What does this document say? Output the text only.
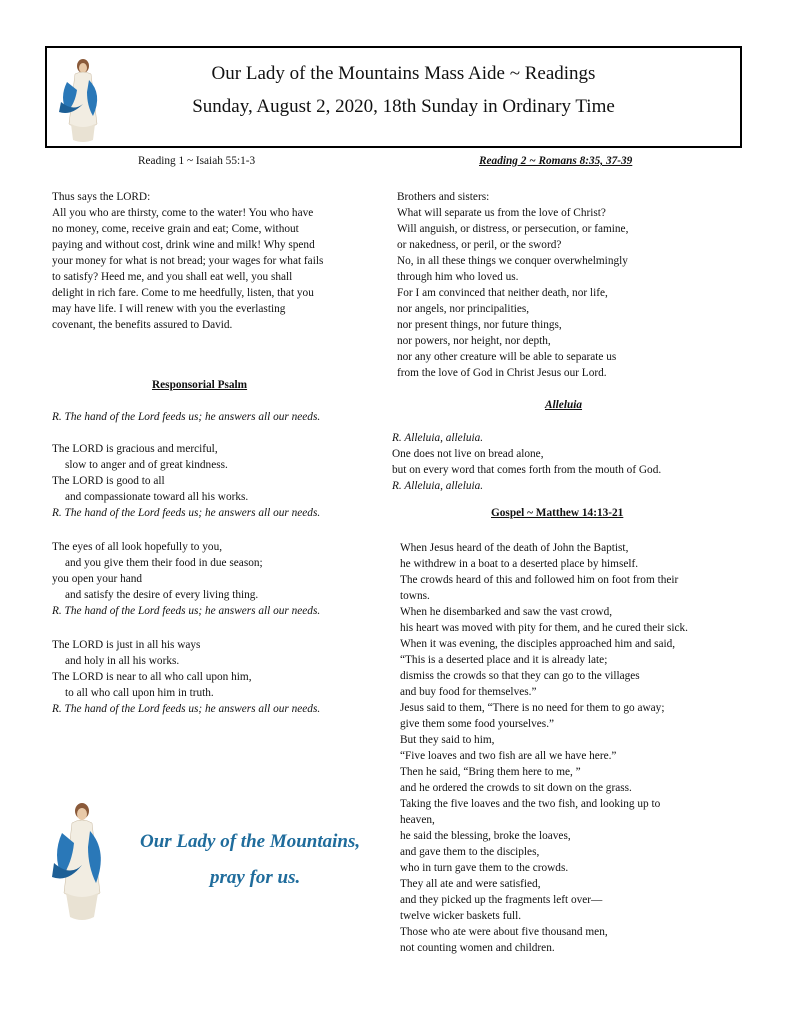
Our Lady of the Mountains Mass Aide ~ Readings
Sunday, August 2, 2020, 18th Sunday in Ordinary Time
Reading 1 ~ Isaiah 55:1-3
Thus says the LORD:
All you who are thirsty, come to the water! You who have
no money, come, receive grain and eat; Come, without
paying and without cost, drink wine and milk! Why spend
your money for what is not bread; your wages for what fails
to satisfy? Heed me, and you shall eat well, you shall
delight in rich fare. Come to me heedfully, listen, that you
may have life. I will renew with you the everlasting
covenant, the benefits assured to David.
Responsorial Psalm
R. The hand of the Lord feeds us; he answers all our needs.
The LORD is gracious and merciful,
slow to anger and of great kindness.
The LORD is good to all
and compassionate toward all his works.
R. The hand of the Lord feeds us; he answers all our needs.
The eyes of all look hopefully to you,
and you give them their food in due season;
you open your hand
and satisfy the desire of every living thing.
R. The hand of the Lord feeds us; he answers all our needs.
The LORD is just in all his ways
and holy in all his works.
The LORD is near to all who call upon him,
to all who call upon him in truth.
R. The hand of the Lord feeds us; he answers all our needs.
Our Lady of the Mountains,
pray for us.
Reading 2 ~ Romans 8:35, 37-39
Brothers and sisters:
What will separate us from the love of Christ?
Will anguish, or distress, or persecution, or famine,
or nakedness, or peril, or the sword?
No, in all these things we conquer overwhelmingly
through him who loved us.
For I am convinced that neither death, nor life,
nor angels, nor principalities,
nor present things, nor future things,
nor powers, nor height, nor depth,
nor any other creature will be able to separate us
from the love of God in Christ Jesus our Lord.
Alleluia
R. Alleluia, alleluia.
One does not live on bread alone,
but on every word that comes forth from the mouth of God.
R. Alleluia, alleluia.
Gospel ~ Matthew 14:13-21
When Jesus heard of the death of John the Baptist,
he withdrew in a boat to a deserted place by himself.
The crowds heard of this and followed him on foot from their
towns.
When he disembarked and saw the vast crowd,
his heart was moved with pity for them, and he cured their sick.
When it was evening, the disciples approached him and said,
“This is a deserted place and it is already late;
dismiss the crowds so that they can go to the villages
and buy food for themselves.”
Jesus said to them, “There is no need for them to go away;
give them some food yourselves.”
But they said to him,
“Five loaves and two fish are all we have here.”
Then he said, “Bring them here to me, ”
and he ordered the crowds to sit down on the grass.
Taking the five loaves and the two fish, and looking up to
heaven,
he said the blessing, broke the loaves,
and gave them to the disciples,
who in turn gave them to the crowds.
They all ate and were satisfied,
and they picked up the fragments left over—
twelve wicker baskets full.
Those who ate were about five thousand men,
not counting women and children.
